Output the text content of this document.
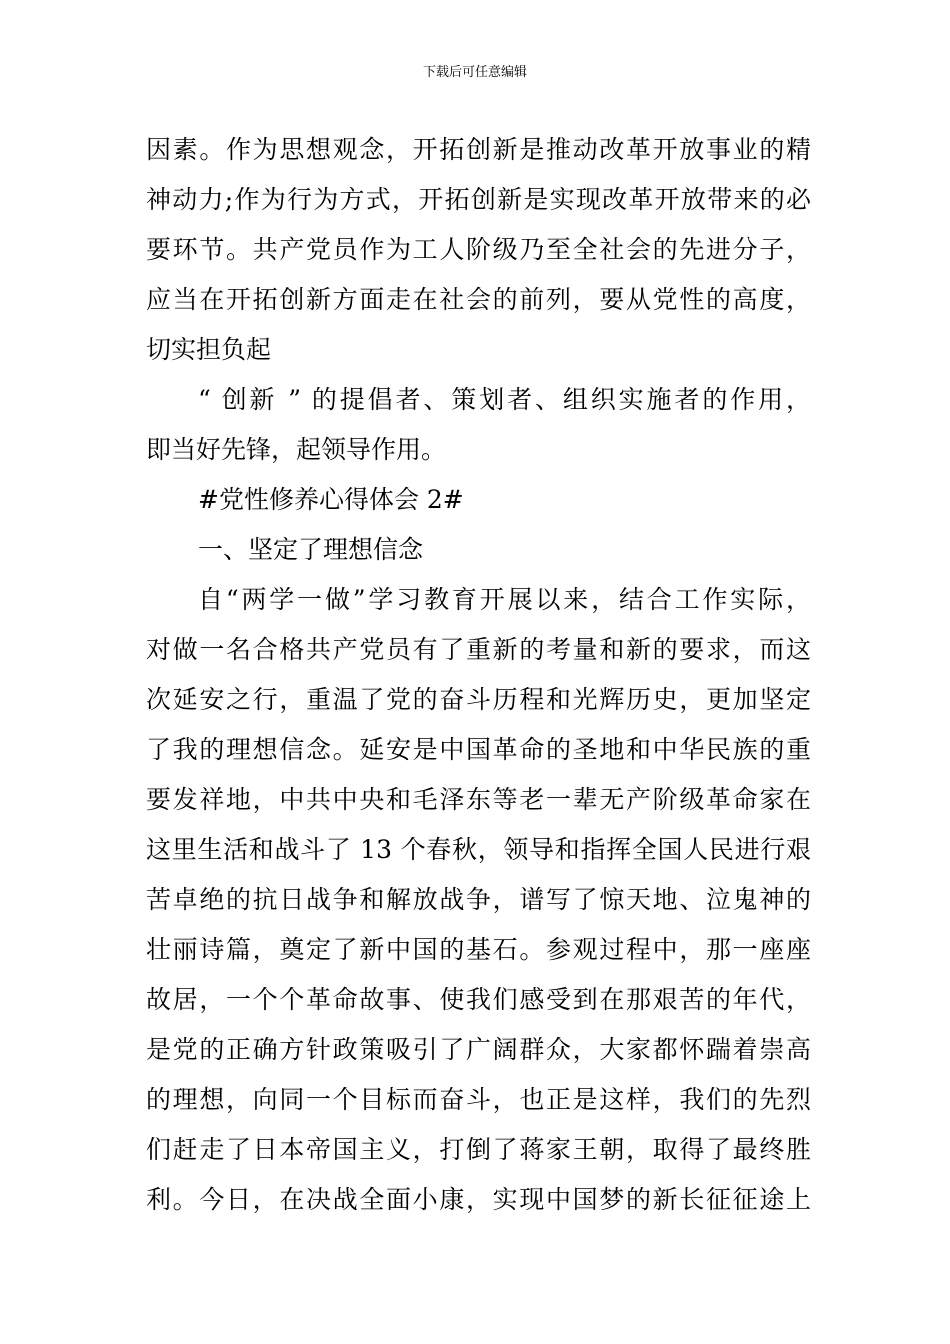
下载后可任意编辑
因素。作为思想观念，开拓创新是推动改革开放事业的精
神动力;作为行为方式，开拓创新是实现改革开放带来的必
要环节。共产党员作为工人阶级乃至全社会的先进分子，
应当在开拓创新方面走在社会的前列，要从党性的高度，
切实担负起
“ 创新 ” 的提倡者、策划者、组织实施者的作用，
即当好先锋，起领导作用。
#党性修养心得体会 2#
一、坚定了理想信念
自“两学一做”学习教育开展以来，结合工作实际，
对做一名合格共产党员有了重新的考量和新的要求，而这
次延安之行，重温了党的奋斗历程和光辉历史，更加坚定
了我的理想信念。延安是中国革命的圣地和中华民族的重
要发祥地，中共中央和毛泽东等老一辈无产阶级革命家在
这里生活和战斗了 13 个春秋，领导和指挥全国人民进行艰
苦卓绝的抗日战争和解放战争，谱写了惊天地、泣鬼神的
壮丽诗篇，奠定了新中国的基石。参观过程中，那一座座
故居，一个个革命故事、使我们感受到在那艰苦的年代，
是党的正确方针政策吸引了广阔群众，大家都怀踹着崇高
的理想，向同一个目标而奋斗，也正是这样，我们的先烈
们赶走了日本帝国主义，打倒了蒋家王朝，取得了最终胜
利。今日，在决战全面小康，实现中国梦的新长征征途上
